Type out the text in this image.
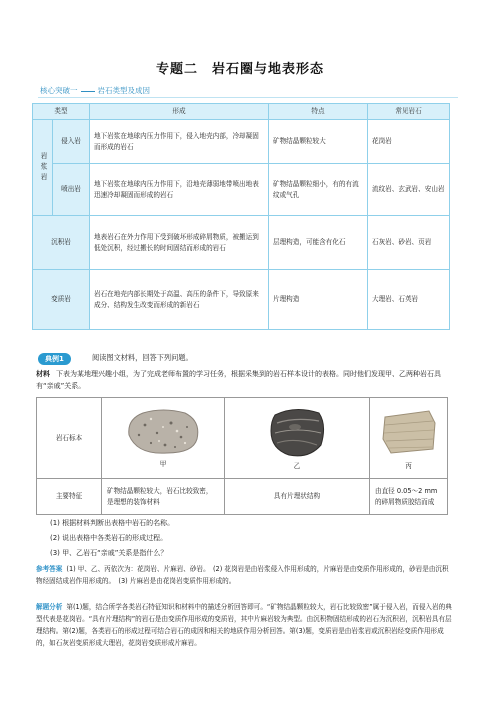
专题二　岩石圈与地表形态
核心突破一	岩石类型及成因
类型		形成	特点	常见岩石
岩浆岩	侵入岩	地下岩浆在地球内压力作用下，侵入地壳内部，冷却凝固而形成的岩石	矿物结晶颗粒较大	花岗岩
	喷出岩	地下岩浆在地球内压力作用下，沿地壳薄弱地带喷出地表迅速冷却凝固而形成的岩石	矿物结晶颗粒细小，有的有流纹或气孔	流纹岩、玄武岩、安山岩
沉积岩		地表岩石在外力作用下受到破坏形成碎屑物质，被搬运到低处沉积，经过搬长的时间固结而形成的岩石	层理构造，可能含有化石	石灰岩、砂岩、页岩
变质岩		岩石在地壳内部长期处于高温、高压的条件下，导致原来成分、结构发生改变而形成的新岩石	片理构造	大理岩、石英岩
典例1	阅读图文材料，回答下列问题。
材料 下表为某地理兴趣小组，为了完成老师布置的学习任务，根据采集到的岩石样本设计的表格。同时他们发现甲、乙两种岩石具有“亲戚”关系。
岩石标本	甲	乙	丙

主要特征	矿物结晶颗粒较大，岩石比较致密，是理想的装饰材料	具有片理状结构	由直径 0.05～2 mm 的碎屑物质胶结而成
(1) 根据材料判断出表格中岩石的名称。
(2) 说出表格中各类岩石的形成过程。
(3) 甲、乙岩石“亲戚”关系是指什么？
参考答案 (1) 甲、乙、丙依次为：花岗岩、片麻岩、砂岩。　(2) 花岗岩是由岩浆侵入作用形成的，片麻岩是由变质作用形成的，砂岩是由沉积物经固结成岩作用形成的。　(3) 片麻岩是由花岗岩变质作用形成的。
解题分析 第(1)题，结合所学各类岩石特征知识和材料中的描述分析回答即可。“矿物结晶颗粒较大，岩石比较致密”属于侵入岩，而侵入岩的典型代表是花岗岩。“具有片理结构”的岩石是由变质作用形成的变质岩，其中片麻岩较为典型。由沉积物固结形成的岩石为沉积岩，沉积岩具有层理结构。第(2)题，各类岩石的形成过程可结合岩石的成因和相关的地质作用分析回答。第(3)题，变质岩是由岩浆岩或沉积岩经变质作用形成的，如石灰岩变质形成大理岩，花岗岩变质形成片麻岩。
